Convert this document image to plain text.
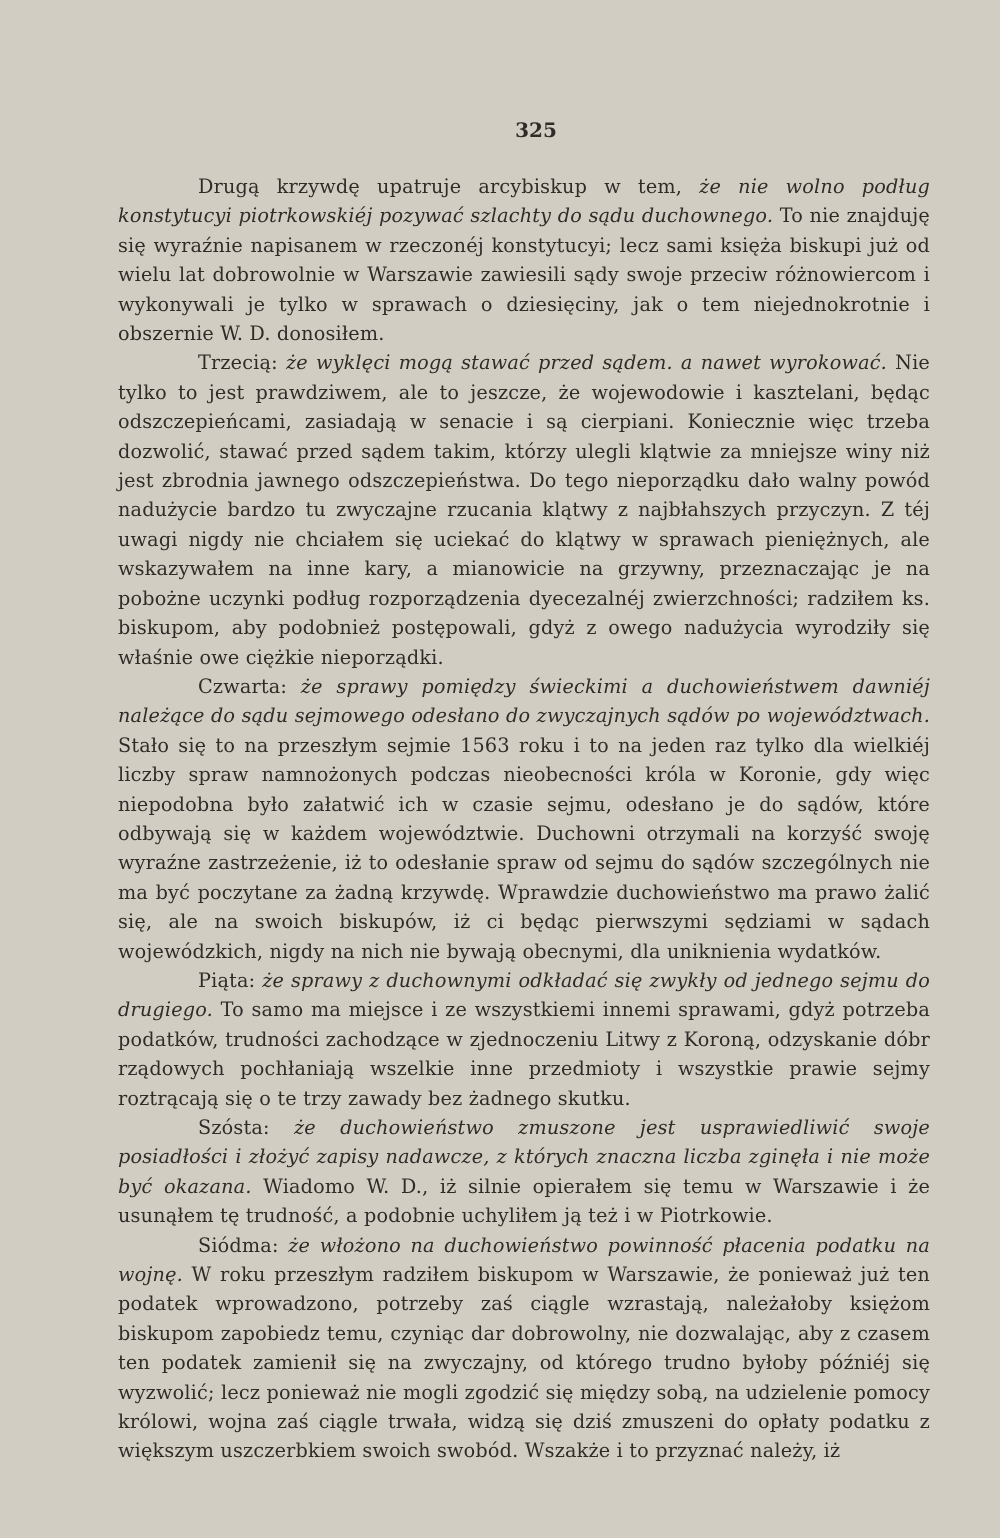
325

Drugą krzywdę upatruje arcybiskup w tem, że nie wolno podług konstytucyi piotrkowskiéj pozywać szlachty do sądu duchownego. To nie znajduję się wyraźnie napisanem w rzeczonéj konstytucyi; lecz sami księża biskupi już od wielu lat dobrowolnie w Warszawie zawiesili sądy swoje przeciw różnowiercom i wykonywali je tylko w sprawach o dziesięciny, jak o tem niejednokrotnie i obszernie W. D. donosiłem.

Trzecią: że wyklęci mogą stawać przed sądem. a nawet wyrokować. Nie tylko to jest prawdziwem, ale to jeszcze, że wojewodowie i kasztelani, będąc odszczepieńcami, zasiadają w senacie i są cierpiani. Koniecznie więc trzeba dozwolić, stawać przed sądem takim, którzy ulegli klątwie za mniejsze winy niż jest zbrodnia jawnego odszczepieństwa. Do tego nieporządku dało walny powód nadużycie bardzo tu zwyczajne rzucania klątwy z najbłahszych przyczyn. Z téj uwagi nigdy nie chciałem się uciekać do klątwy w sprawach pieniężnych, ale wskazywałem na inne kary, a mianowicie na grzywny, przeznaczając je na pobożne uczynki podług rozporządzenia dyecezalnéj zwierzchności; radziłem ks. biskupom, aby podobnież postępowali, gdyż z owego nadużycia wyrodziły się właśnie owe ciężkie nieporządki.

Czwarta: że sprawy pomiędzy świeckimi a duchowieństwem dawniéj należące do sądu sejmowego odesłano do zwyczajnych sądów po województwach. Stało się to na przeszłym sejmie 1563 roku i to na jeden raz tylko dla wielkiéj liczby spraw namnożonych podczas nieobecności króla w Koronie, gdy więc niepodobna było załatwić ich w czasie sejmu, odesłano je do sądów, które odbywają się w każdem województwie. Duchowni otrzymali na korzyść swoję wyraźne zastrzeżenie, iż to odesłanie spraw od sejmu do sądów szczególnych nie ma być poczytane za żadną krzywdę. Wprawdzie duchowieństwo ma prawo żalić się, ale na swoich biskupów, iż ci będąc pierwszymi sędziami w sądach wojewódzkich, nigdy na nich nie bywają obecnymi, dla uniknienia wydatków.

Piąta: że sprawy z duchownymi odkładać się zwykły od jednego sejmu do drugiego. To samo ma miejsce i ze wszystkiemi innemi sprawami, gdyż potrzeba podatków, trudności zachodzące w zjednoczeniu Litwy z Koroną, odzyskanie dóbr rządowych pochłaniają wszelkie inne przedmioty i wszystkie prawie sejmy roztrącają się o te trzy zawady bez żadnego skutku.

Szósta: że duchowieństwo zmuszone jest usprawiedliwić swoje posiadłości i złożyć zapisy nadawcze, z których znaczna liczba zginęła i nie może być okazana. Wiadomo W. D., iż silnie opierałem się temu w Warszawie i że usunąłem tę trudność, a podobnie uchyliłem ją też i w Piotrkowie.

Siódma: że włożono na duchowieństwo powinność płacenia podatku na wojnę. W roku przeszłym radziłem biskupom w Warszawie, że ponieważ już ten podatek wprowadzono, potrzeby zaś ciągle wzrastają, należałoby księżom biskupom zapobiedz temu, czyniąc dar dobrowolny, nie dozwalając, aby z czasem ten podatek zamienił się na zwyczajny, od którego trudno byłoby późniéj się wyzwolić; lecz ponieważ nie mogli zgodzić się między sobą, na udzielenie pomocy królowi, wojna zaś ciągle trwała, widzą się dziś zmuszeni do opłaty podatku z większym uszczerbkiem swoich swobód. Wszakże i to przyznać należy, iż
